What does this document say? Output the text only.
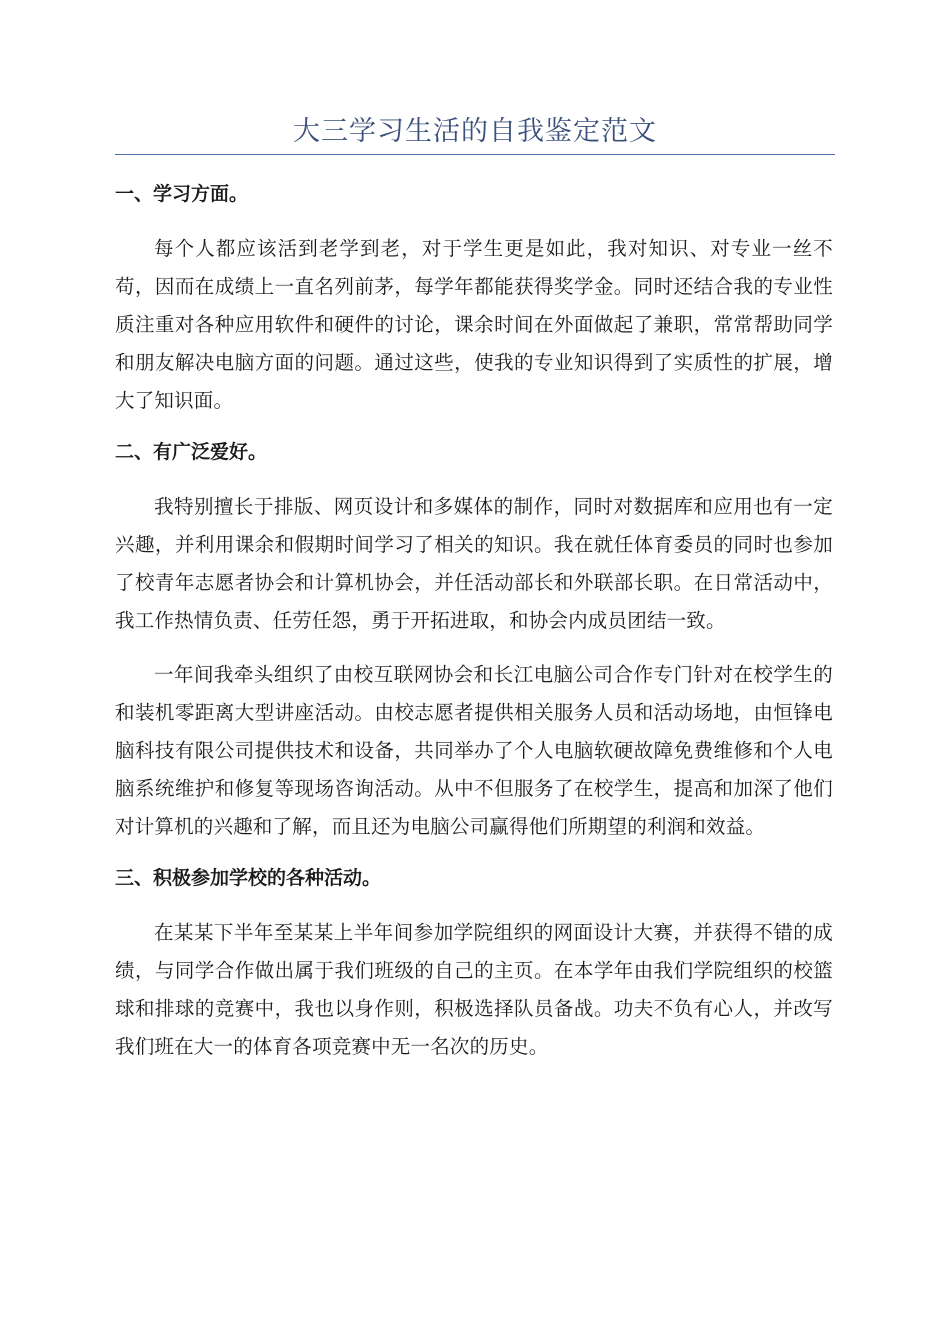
大三学习生活的自我鉴定范文
一、学习方面。

每个人都应该活到老学到老，对于学生更是如此，我对知识、对专业一丝不苟，因而在成绩上一直名列前茅，每学年都能获得奖学金。同时还结合我的专业性质注重对各种应用软件和硬件的讨论，课余时间在外面做起了兼职，常常帮助同学和朋友解决电脑方面的问题。通过这些，使我的专业知识得到了实质性的扩展，增大了知识面。

二、有广泛爱好。

我特别擅长于排版、网页设计和多媒体的制作，同时对数据库和应用也有一定兴趣，并利用课余和假期时间学习了相关的知识。我在就任体育委员的同时也参加了校青年志愿者协会和计算机协会，并任活动部长和外联部长职。在日常活动中，我工作热情负责、任劳任怨，勇于开拓进取，和协会内成员团结一致。

一年间我牵头组织了由校互联网协会和长江电脑公司合作专门针对在校学生的和装机零距离大型讲座活动。由校志愿者提供相关服务人员和活动场地，由恒锋电脑科技有限公司提供技术和设备，共同举办了个人电脑软硬故障免费维修和个人电脑系统维护和修复等现场咨询活动。从中不但服务了在校学生，提高和加深了他们对计算机的兴趣和了解，而且还为电脑公司赢得他们所期望的利润和效益。

三、积极参加学校的各种活动。

在某某下半年至某某上半年间参加学院组织的网面设计大赛，并获得不错的成绩，与同学合作做出属于我们班级的自己的主页。在本学年由我们学院组织的校篮球和排球的竞赛中，我也以身作则，积极选择队员备战。功夫不负有心人，并改写我们班在大一的体育各项竞赛中无一名次的历史。
